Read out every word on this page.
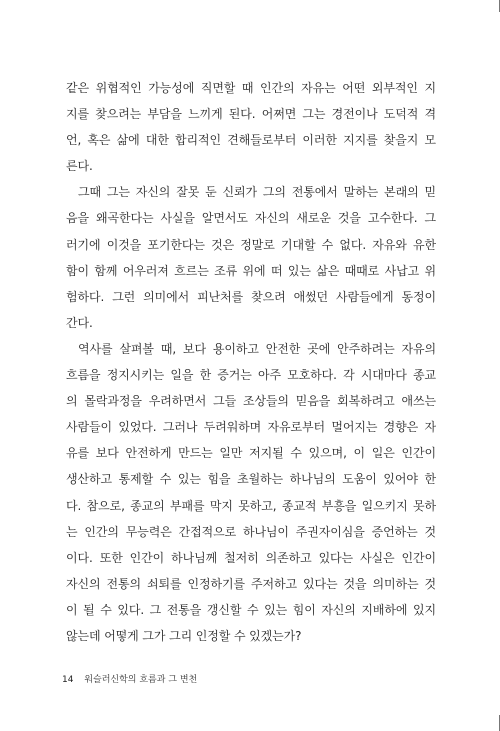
같은 위협적인 가능성에 직면할 때 인간의 자유는 어떤 외부적인 지
지를 찾으려는 부담을 느끼게 된다. 어쩌면 그는 경전이나 도덕적 격
언, 혹은 삶에 대한 합리적인 견해들로부터 이러한 지지를 찾을지 모
른다.
그때 그는 자신의 잘못 둔 신뢰가 그의 전통에서 말하는 본래의 믿
음을 왜곡한다는 사실을 알면서도 자신의 새로운 것을 고수한다. 그
러기에 이것을 포기한다는 것은 정말로 기대할 수 없다. 자유와 유한
함이 함께 어우러져 흐르는 조류 위에 떠 있는 삶은 때때로 사납고 위
험하다. 그런 의미에서 피난처를 찾으려 애썼던 사람들에게 동정이
간다.
역사를 살펴볼 때, 보다 용이하고 안전한 곳에 안주하려는 자유의
흐름을 정지시키는 일을 한 증거는 아주 모호하다. 각 시대마다 종교
의 몰락과정을 우려하면서 그들 조상들의 믿음을 회복하려고 애쓰는
사람들이 있었다. 그러나 두려워하며 자유로부터 멀어지는 경향은 자
유를 보다 안전하게 만드는 일만 저지될 수 있으며, 이 일은 인간이
생산하고 통제할 수 있는 힘을 초월하는 하나님의 도움이 있어야 한
다. 참으로, 종교의 부패를 막지 못하고, 종교적 부흥을 일으키지 못하
는 인간의 무능력은 간접적으로 하나님이 주권자이심을 증언하는 것
이다. 또한 인간이 하나님께 철저히 의존하고 있다는 사실은 인간이
자신의 전통의 쇠퇴를 인정하기를 주저하고 있다는 것을 의미하는 것
이 될 수 있다. 그 전통을 갱신할 수 있는 힘이 자신의 지배하에 있지
않는데 어떻게 그가 그리 인정할 수 있겠는가?
14 워슬러신학의 흐름과 그 변천
